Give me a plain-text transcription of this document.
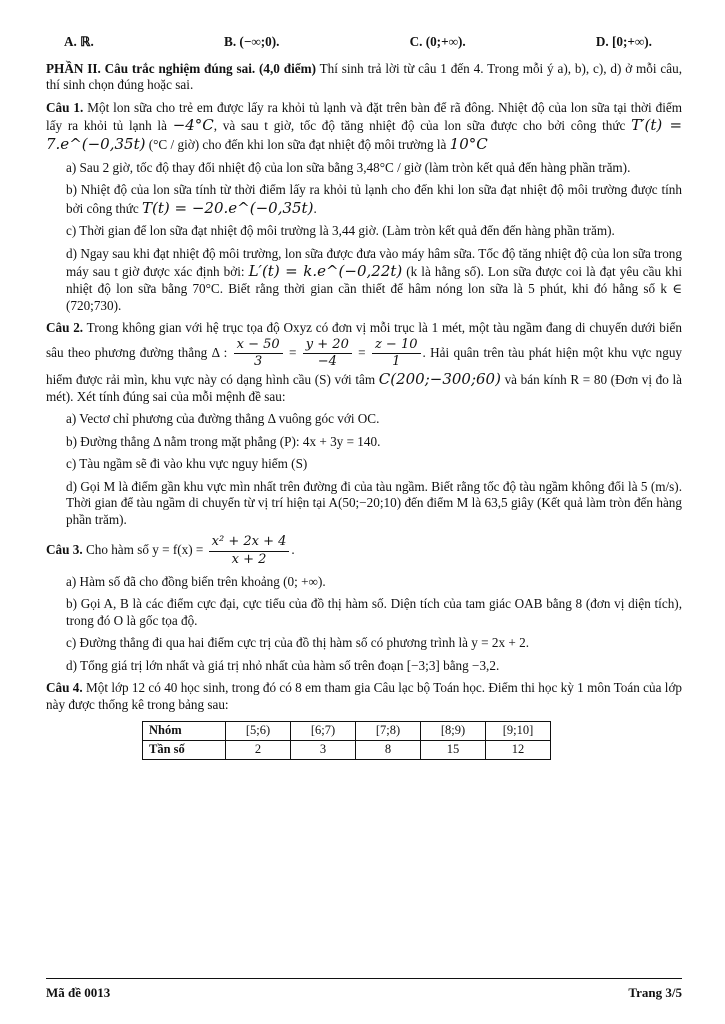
A. ℝ.	B. (−∞;0).	C. (0;+∞).	D. [0;+∞).

PHẦN II. Câu trắc nghiệm đúng sai. (4,0 điểm) Thí sinh trả lời từ câu 1 đến 4. Trong mỗi ý a), b), c), d) ở mỗi câu, thí sinh chọn đúng hoặc sai.

Câu 1. Một lon sữa cho trẻ em được lấy ra khỏi tủ lạnh và đặt trên bàn để rã đông. Nhiệt độ của lon sữa tại thời điểm lấy ra khỏi tủ lạnh là −4°C, và sau t giờ, tốc độ tăng nhiệt độ của lon sữa được cho bởi công thức T′(t) = 7.e^(−0,35t) (°C / giờ) cho đến khi lon sữa đạt nhiệt độ môi trường là 10°C

a) Sau 2 giờ, tốc độ thay đổi nhiệt độ của lon sữa bằng 3,48°C / giờ (làm tròn kết quả đến hàng phần trăm).

b) Nhiệt độ của lon sữa tính từ thời điểm lấy ra khỏi tủ lạnh cho đến khi lon sữa đạt nhiệt độ môi trường được tính bởi công thức T(t) = −20.e^(−0,35t).

c) Thời gian để lon sữa đạt nhiệt độ môi trường là 3,44 giờ. (Làm tròn kết quả đến đến hàng phần trăm).

d) Ngay sau khi đạt nhiệt độ môi trường, lon sữa được đưa vào máy hâm sữa. Tốc độ tăng nhiệt độ của lon sữa trong máy sau t giờ được xác định bởi: L′(t) = k.e^(−0,22t) (k là hằng số). Lon sữa được coi là đạt yêu cầu khi nhiệt độ lon sữa bằng 70°C. Biết rằng thời gian cần thiết để hâm nóng lon sữa là 5 phút, khi đó hằng số k ∈ (720;730).

Câu 2. Trong không gian với hệ trục tọa độ Oxyz có đơn vị mỗi trục là 1 mét, một tàu ngầm đang di chuyển dưới biển sâu theo phương đường thẳng Δ : $\frac{x - 50}{3} = \frac{y + 20}{-4} = \frac{z - 10}{1}$ . Hải quân trên tàu phát hiện một khu vực nguy hiểm được rải mìn, khu vực này có dạng hình cầu (S) với tâm C(200;−300;60) và bán kính R = 80 (Đơn vị đo là mét). Xét tính đúng sai của mỗi mệnh đề sau:

a) Vectơ chỉ phương của đường thẳng Δ vuông góc với OC.

b) Đường thẳng Δ nằm trong mặt phẳng (P): 4x + 3y = 140.

c) Tàu ngầm sẽ đi vào khu vực nguy hiểm (S)

d) Gọi M là điểm gần khu vực mìn nhất trên đường đi của tàu ngầm. Biết rằng tốc độ tàu ngầm không đổi là 5 (m/s). Thời gian để tàu ngầm di chuyển từ vị trí hiện tại A(50;−20;10) đến điểm M là 63,5 giây (Kết quả làm tròn đến hàng phần trăm).

Câu 3. Cho hàm số $y = f(x) = \frac{\text{x² + 2x + 4}}{x + 2}$ .

a) Hàm số đã cho đồng biến trên khoảng (0; +∞).

b) Gọi A, B là các điểm cực đại, cực tiểu của đồ thị hàm số. Diện tích của tam giác OAB bằng 8 (đơn vị diện tích), trong đó O là gốc tọa độ.

c) Đường thẳng đi qua hai điểm cực trị của đồ thị hàm số có phương trình là y = 2x + 2.

d) Tổng giá trị lớn nhất và giá trị nhỏ nhất của hàm số trên đoạn [−3;3] bằng −3,2.

Câu 4. Một lớp 12 có 40 học sinh, trong đó có 8 em tham gia Câu lạc bộ Toán học. Điểm thi học kỳ 1 môn Toán của lớp này được thống kê trong bảng sau:

Nhóm	[5;6)	[6;7)	[7;8)	[8;9)	[9;10]
Tần số	2	3	8	15	12
Mã đề 0013	Trang 3/5
